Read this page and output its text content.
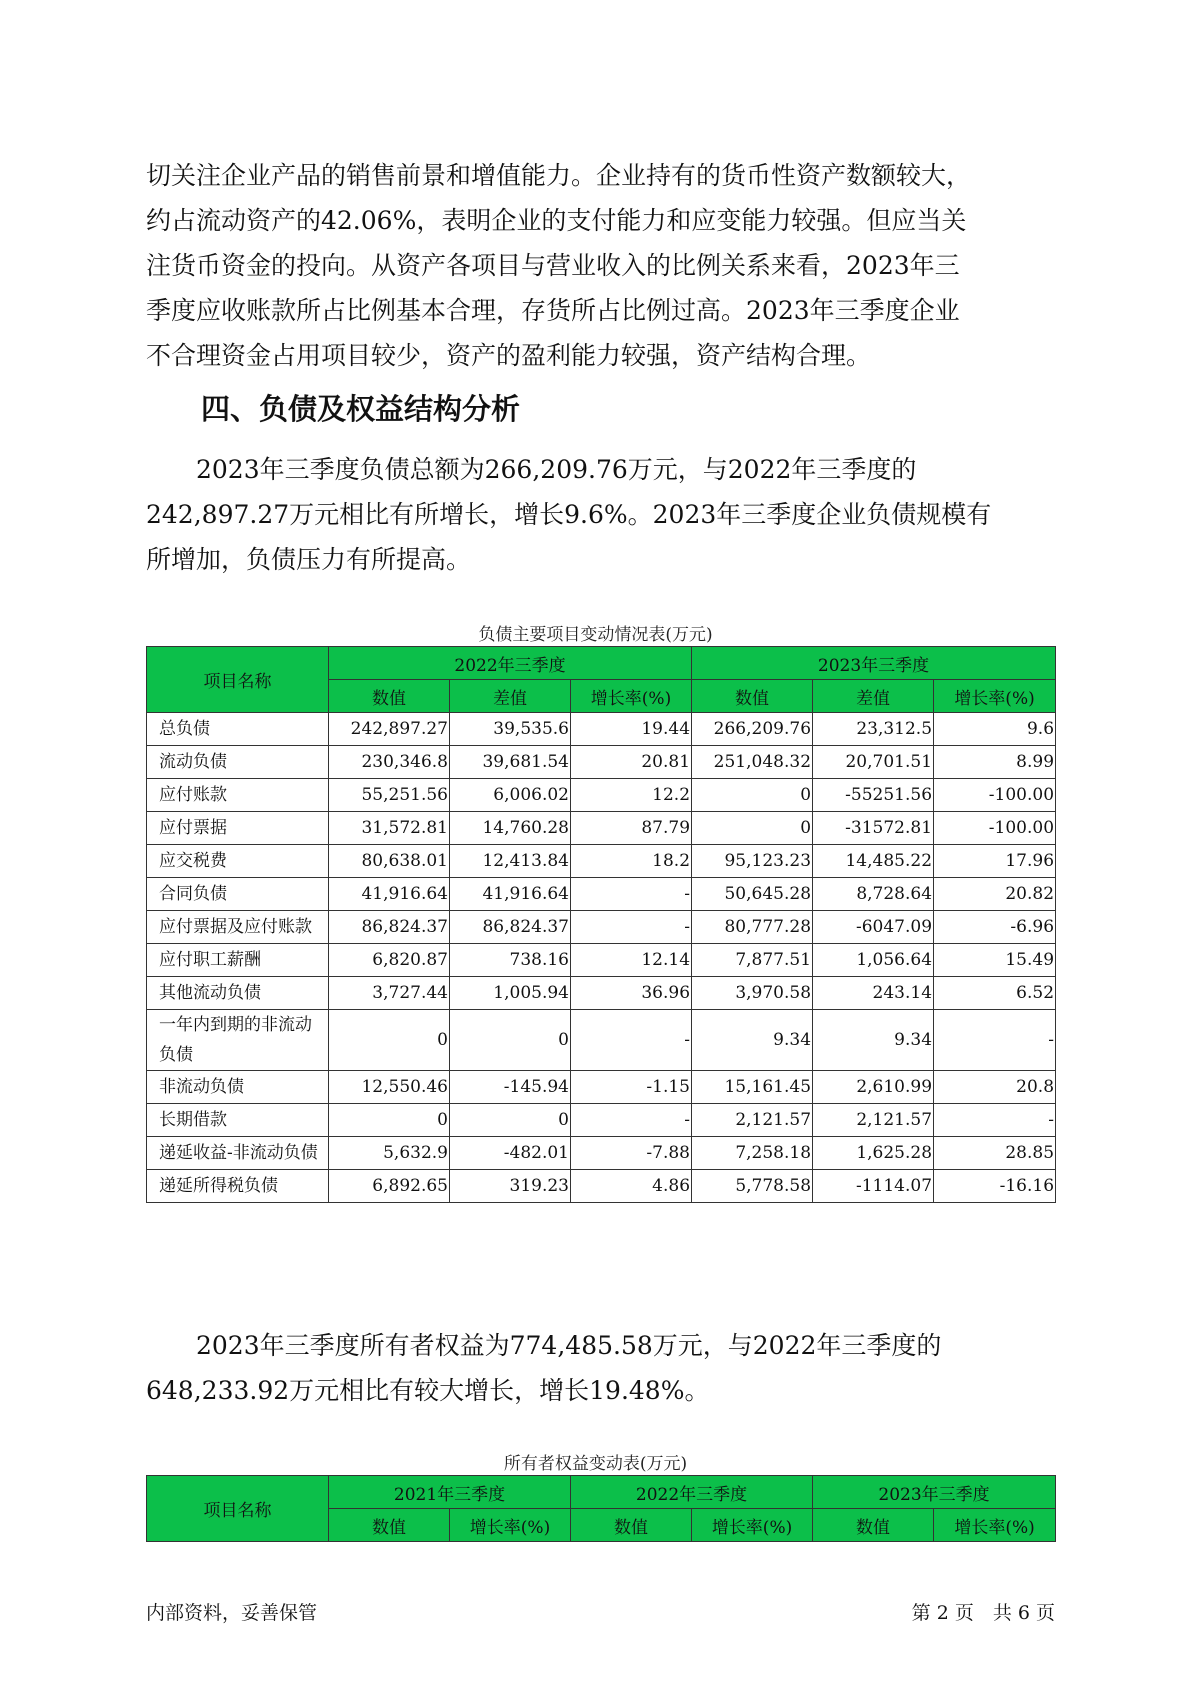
切关注企业产品的销售前景和增值能力。企业持有的货币性资产数额较大，
约占流动资产的42.06%，表明企业的支付能力和应变能力较强。但应当关
注货币资金的投向。从资产各项目与营业收入的比例关系来看，2023年三
季度应收账款所占比例基本合理，存货所占比例过高。2023年三季度企业
不合理资金占用项目较少，资产的盈利能力较强，资产结构合理。
四、负债及权益结构分析
　　2023年三季度负债总额为266,209.76万元，与2022年三季度的
242,897.27万元相比有所增长，增长9.6%。2023年三季度企业负债规模有
所增加，负债压力有所提高。
负债主要项目变动情况表(万元)
项目名称	2022年三季度			2023年三季度		
	数值	差值	增长率(%)	数值	差值	增长率(%)
总负债	242,897.27	39,535.6	19.44	266,209.76	23,312.5	9.6
流动负债	230,346.8	39,681.54	20.81	251,048.32	20,701.51	8.99
应付账款	55,251.56	6,006.02	12.2	0	-55251.56	-100.00
应付票据	31,572.81	14,760.28	87.79	0	-31572.81	-100.00
应交税费	80,638.01	12,413.84	18.2	95,123.23	14,485.22	17.96
合同负债	41,916.64	41,916.64	-	50,645.28	8,728.64	20.82
应付票据及应付账款	86,824.37	86,824.37	-	80,777.28	-6047.09	-6.96
应付职工薪酬	6,820.87	738.16	12.14	7,877.51	1,056.64	15.49
其他流动负债	3,727.44	1,005.94	36.96	3,970.58	243.14	6.52
一年内到期的非流动负债	0	0	-	9.34	9.34	-
非流动负债	12,550.46	-145.94	-1.15	15,161.45	2,610.99	20.8
长期借款	0	0	-	2,121.57	2,121.57	-
递延收益-非流动负债	5,632.9	-482.01	-7.88	7,258.18	1,625.28	28.85
递延所得税负债	6,892.65	319.23	4.86	5,778.58	-1114.07	-16.16
　　2023年三季度所有者权益为774,485.58万元，与2022年三季度的
648,233.92万元相比有较大增长，增长19.48%。
所有者权益变动表(万元)
项目名称	2021年三季度		2022年三季度		2023年三季度	
	数值	增长率(%)	数值	增长率(%)	数值	增长率(%)
内部资料，妥善保管	第 2 页　共 6 页
